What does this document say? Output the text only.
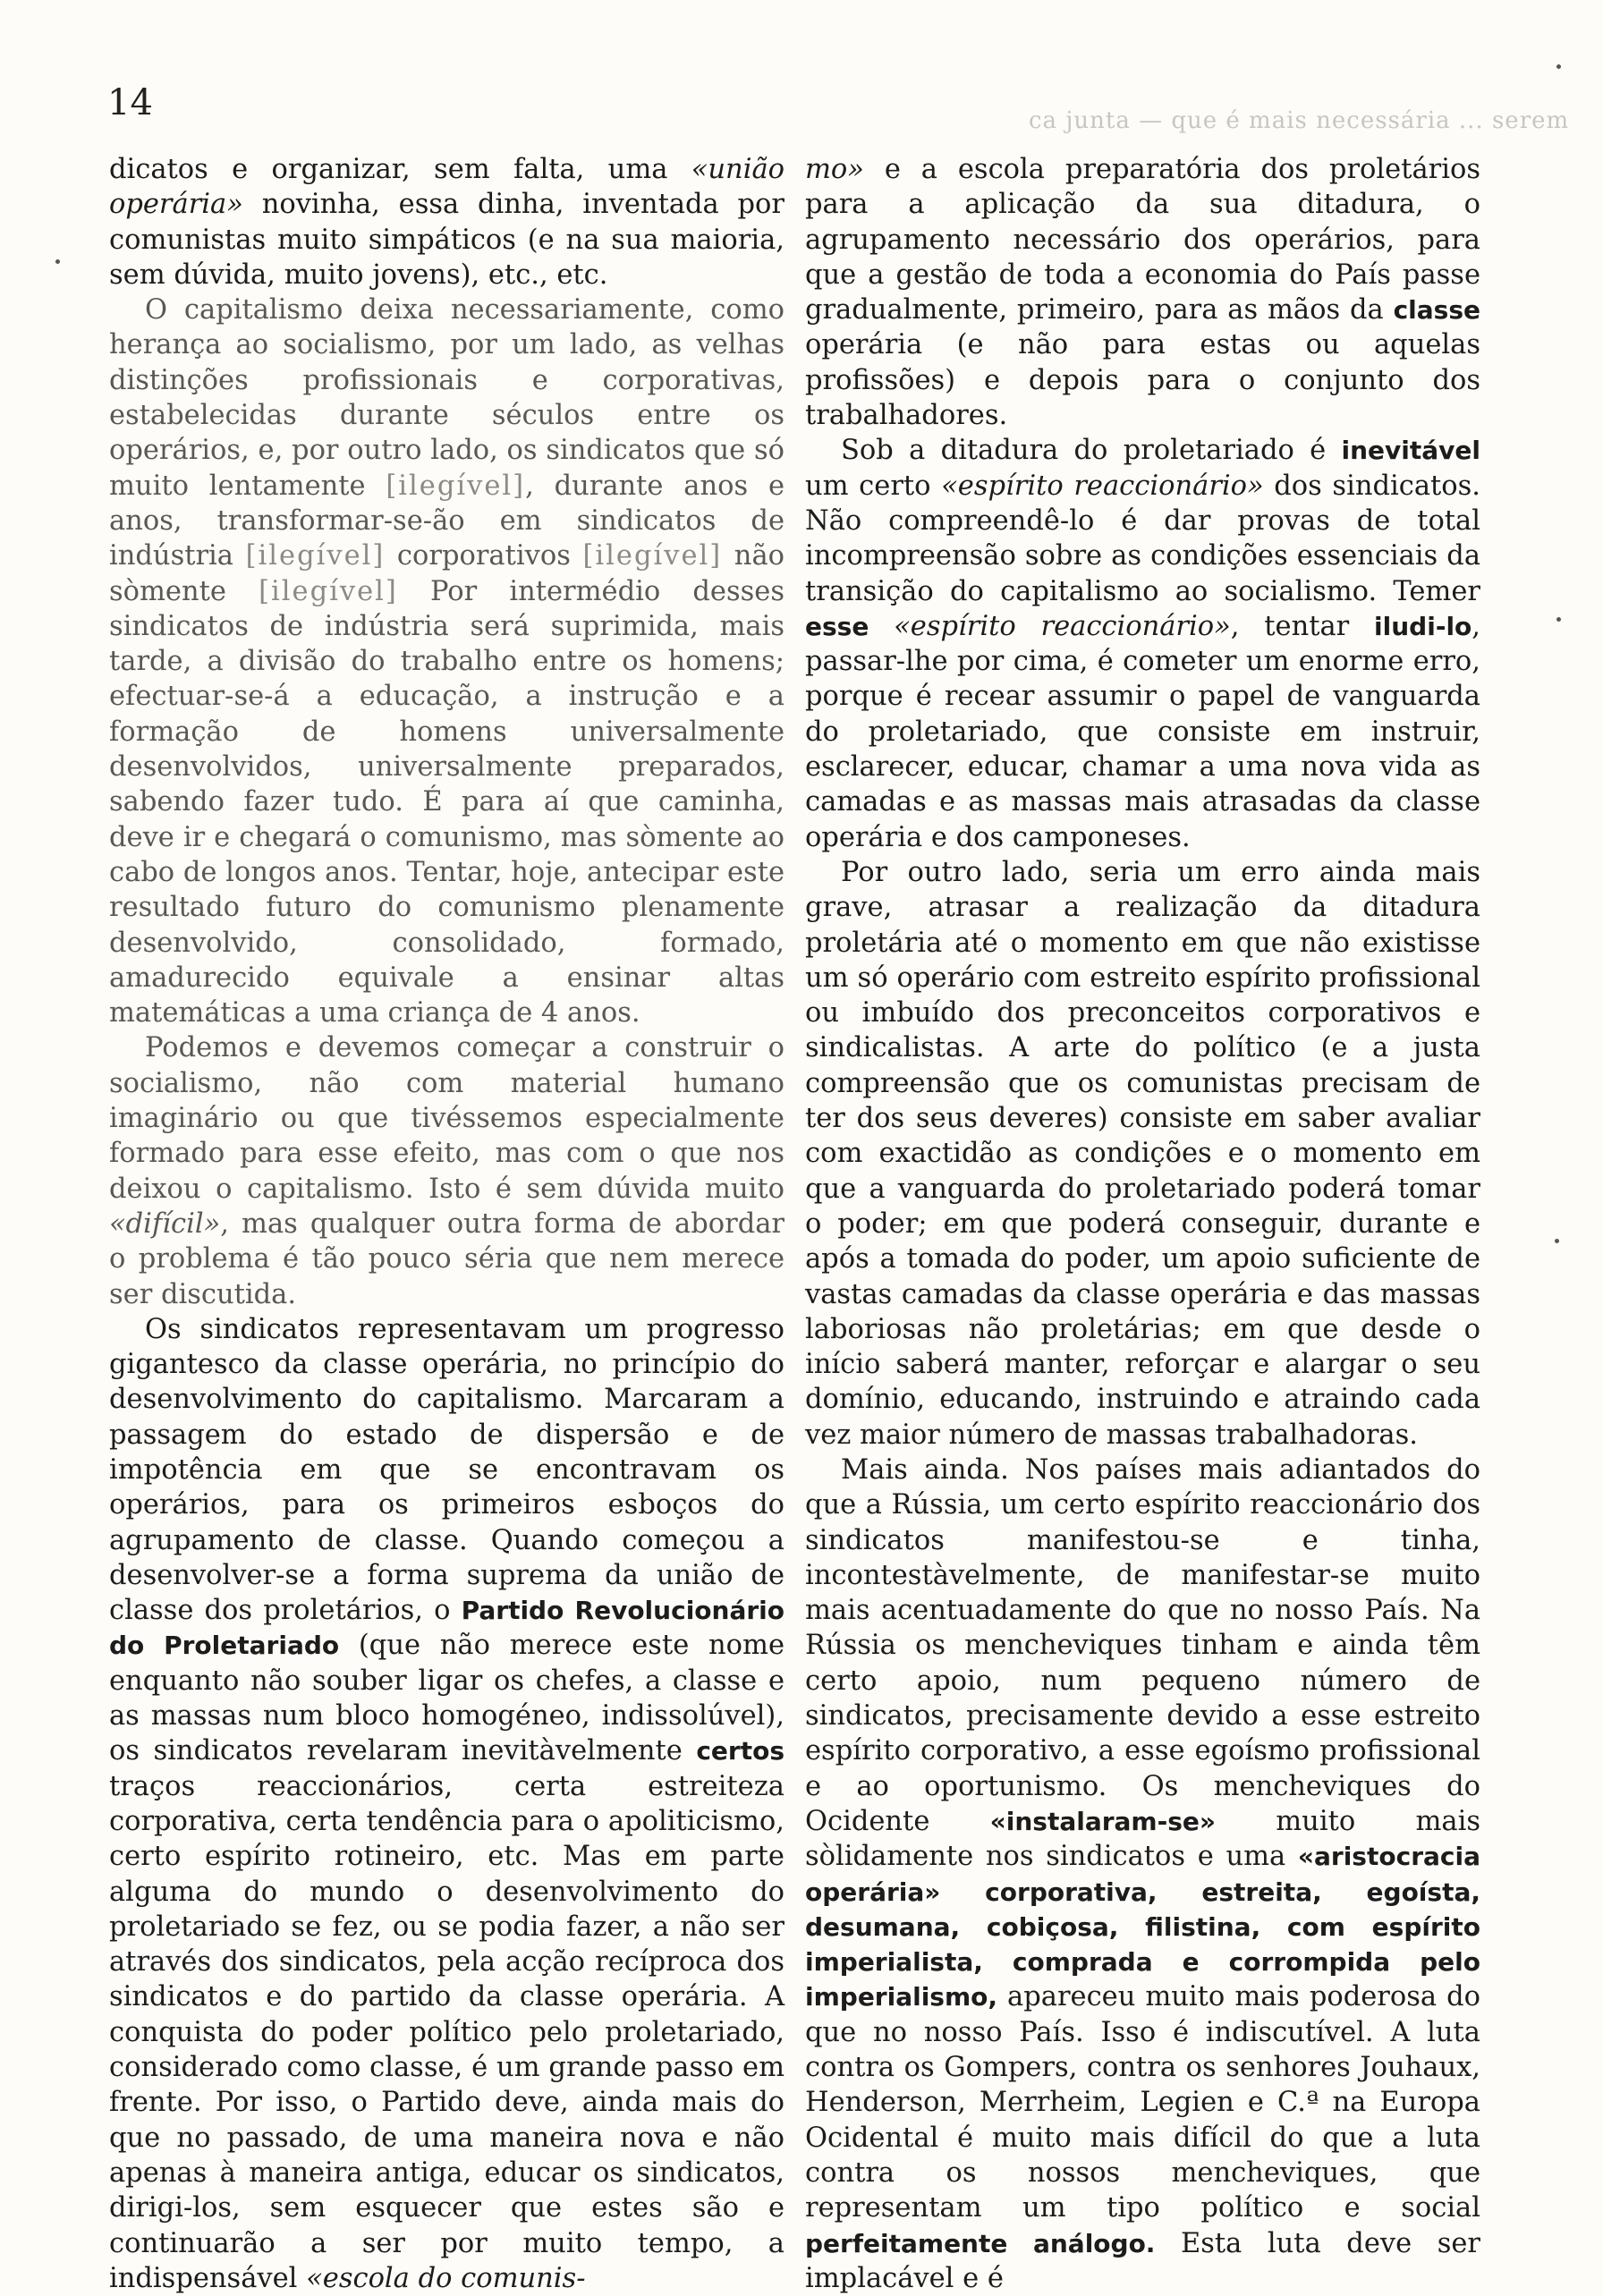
14	ca junta — que é mais necessária ... serem

dicatos e organizar, sem falta, uma «união operária» novinha, essa dinha, inventada por comunistas muito simpáticos (e na sua maioria, sem dúvida, muito jovens), etc., etc.

O capitalismo deixa necessariamente, como herança ao socialismo, por um lado, as velhas distinções profissionais e corporativas, estabelecidas durante séculos entre os operários, e, por outro lado, os sindicatos que só muito lentamente [ilegível], durante anos e anos, transformar-se-ão em sindicatos de indústria [ilegível] corporativos [ilegível] não sòmente [ilegível] Por intermédio desses sindicatos de indústria será suprimida, mais tarde, a divisão do trabalho entre os homens; efectuar-se-á a educação, a instrução e a formação de homens universalmente desenvolvidos, universalmente preparados, sabendo fazer tudo. É para aí que caminha, deve ir e chegará o comunismo, mas sòmente ao cabo de longos anos. Tentar, hoje, antecipar este resultado futuro do comunismo plenamente desenvolvido, consolidado, formado, amadurecido equivale a ensinar altas matemáticas a uma criança de 4 anos.

Podemos e devemos começar a construir o socialismo, não com material humano imaginário ou que tivéssemos especialmente formado para esse efeito, mas com o que nos deixou o capitalismo. Isto é sem dúvida muito «difícil», mas qualquer outra forma de abordar o problema é tão pouco séria que nem merece ser discutida.

Os sindicatos representavam um progresso gigantesco da classe operária, no princípio do desenvolvimento do capitalismo. Marcaram a passagem do estado de dispersão e de impotência em que se encontravam os operários, para os primeiros esboços do agrupamento de classe. Quando começou a desenvolver-se a forma suprema da união de classe dos proletários, o Partido Revolucionário do Proletariado (que não merece este nome enquanto não souber ligar os chefes, a classe e as massas num bloco homogéneo, indissolúvel), os sindicatos revelaram inevitàvelmente certos traços reaccionários, certa estreiteza corporativa, certa tendência para o apoliticismo, certo espírito rotineiro, etc. Mas em parte alguma do mundo o desenvolvimento do proletariado se fez, ou se podia fazer, a não ser através dos sindicatos, pela acção recíproca dos sindicatos e do partido da classe operária. A conquista do poder político pelo proletariado, considerado como classe, é um grande passo em frente. Por isso, o Partido deve, ainda mais do que no passado, de uma maneira nova e não apenas à maneira antiga, educar os sindicatos, dirigi-los, sem esquecer que estes são e continuarão a ser por muito tempo, a indispensável «escola do comunis-

mo» e a escola preparatória dos proletários para a aplicação da sua ditadura, o agrupamento necessário dos operários, para que a gestão de toda a economia do País passe gradualmente, primeiro, para as mãos da classe operária (e não para estas ou aquelas profissões) e depois para o conjunto dos trabalhadores.

Sob a ditadura do proletariado é inevitável um certo «espírito reaccionário» dos sindicatos. Não compreendê-lo é dar provas de total incompreensão sobre as condições essenciais da transição do capitalismo ao socialismo. Temer esse «espírito reaccionário», tentar iludi-lo, passar-lhe por cima, é cometer um enorme erro, porque é recear assumir o papel de vanguarda do proletariado, que consiste em instruir, esclarecer, educar, chamar a uma nova vida as camadas e as massas mais atrasadas da classe operária e dos camponeses.

Por outro lado, seria um erro ainda mais grave, atrasar a realização da ditadura proletária até o momento em que não existisse um só operário com estreito espírito profissional ou imbuído dos preconceitos corporativos e sindicalistas. A arte do político (e a justa compreensão que os comunistas precisam de ter dos seus deveres) consiste em saber avaliar com exactidão as condições e o momento em que a vanguarda do proletariado poderá tomar o poder; em que poderá conseguir, durante e após a tomada do poder, um apoio suficiente de vastas camadas da classe operária e das massas laboriosas não proletárias; em que desde o início saberá manter, reforçar e alargar o seu domínio, educando, instruindo e atraindo cada vez maior número de massas trabalhadoras.

Mais ainda. Nos países mais adiantados do que a Rússia, um certo espírito reaccionário dos sindicatos manifestou-se e tinha, incontestàvelmente, de manifestar-se muito mais acentuadamente do que no nosso País. Na Rússia os mencheviques tinham e ainda têm certo apoio, num pequeno número de sindicatos, precisamente devido a esse estreito espírito corporativo, a esse egoísmo profissional e ao oportunismo. Os mencheviques do Ocidente «instalaram-se» muito mais sòlidamente nos sindicatos e uma «aristocracia operária» corporativa, estreita, egoísta, desumana, cobiçosa, filistina, com espírito imperialista, comprada e corrompida pelo imperialismo, apareceu muito mais poderosa do que no nosso País. Isso é indiscutível. A luta contra os Gompers, contra os senhores Jouhaux, Henderson, Merrheim, Legien e C.ª na Europa Ocidental é muito mais difícil do que a luta contra os nossos mencheviques, que representam um tipo político e social perfeitamente análogo. Esta luta deve ser implacável e é
